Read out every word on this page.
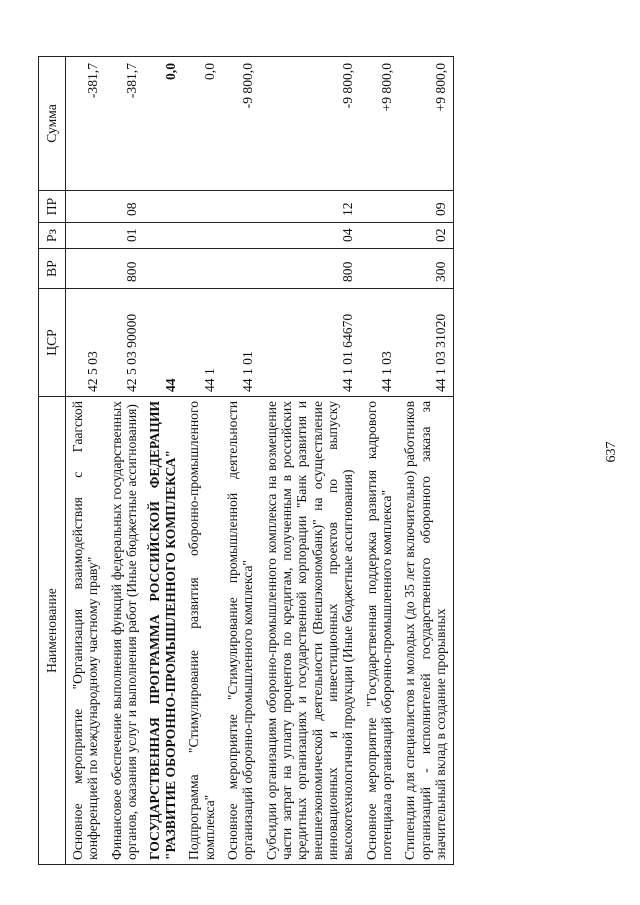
637
Наименование	ЦСР	ВР	Рз	ПР	Сумма
Основное мероприятие "Организация взаимодействия с Гаагской конференцией по международному частному праву"	42 5 03				-381,7
Финансовое обеспечение выполнения функций федеральных государственных органов, оказания услуг и выполнения работ (Иные бюджетные ассигнования)	42 5 03 90000	800	01	08	-381,7
ГОСУДАРСТВЕННАЯ ПРОГРАММА РОССИЙСКОЙ ФЕДЕРАЦИИ "РАЗВИТИЕ ОБОРОННО-ПРОМЫШЛЕННОГО КОМПЛЕКСА"	44				0,0
Подпрограмма "Стимулирование развития оборонно-промышленного комплекса"	44 1				0,0
Основное мероприятие "Стимулирование промышленной деятельности организаций оборонно-промышленного комплекса"	44 1 01				-9 800,0
Субсидии организациям оборонно-промышленного комплекса на возмещение части затрат на уплату процентов по кредитам, полученным в российских кредитных организациях и государственной корпорации "Банк развития и внешнеэкономической деятельности (Внешэкономбанк)" на осуществление инновационных и инвестиционных проектов по выпуску высокотехнологичной продукции (Иные бюджетные ассигнования)	44 1 01 64670	800	04	12	-9 800,0
Основное мероприятие "Государственная поддержка развития кадрового потенциала организаций оборонно-промышленного комплекса"	44 1 03				+9 800,0
Стипендии для специалистов и молодых (до 35 лет включительно) работников организаций - исполнителей государственного оборонного заказа за значительный вклад в создание прорывных	44 1 03 31020	300	02	09	+9 800,0
